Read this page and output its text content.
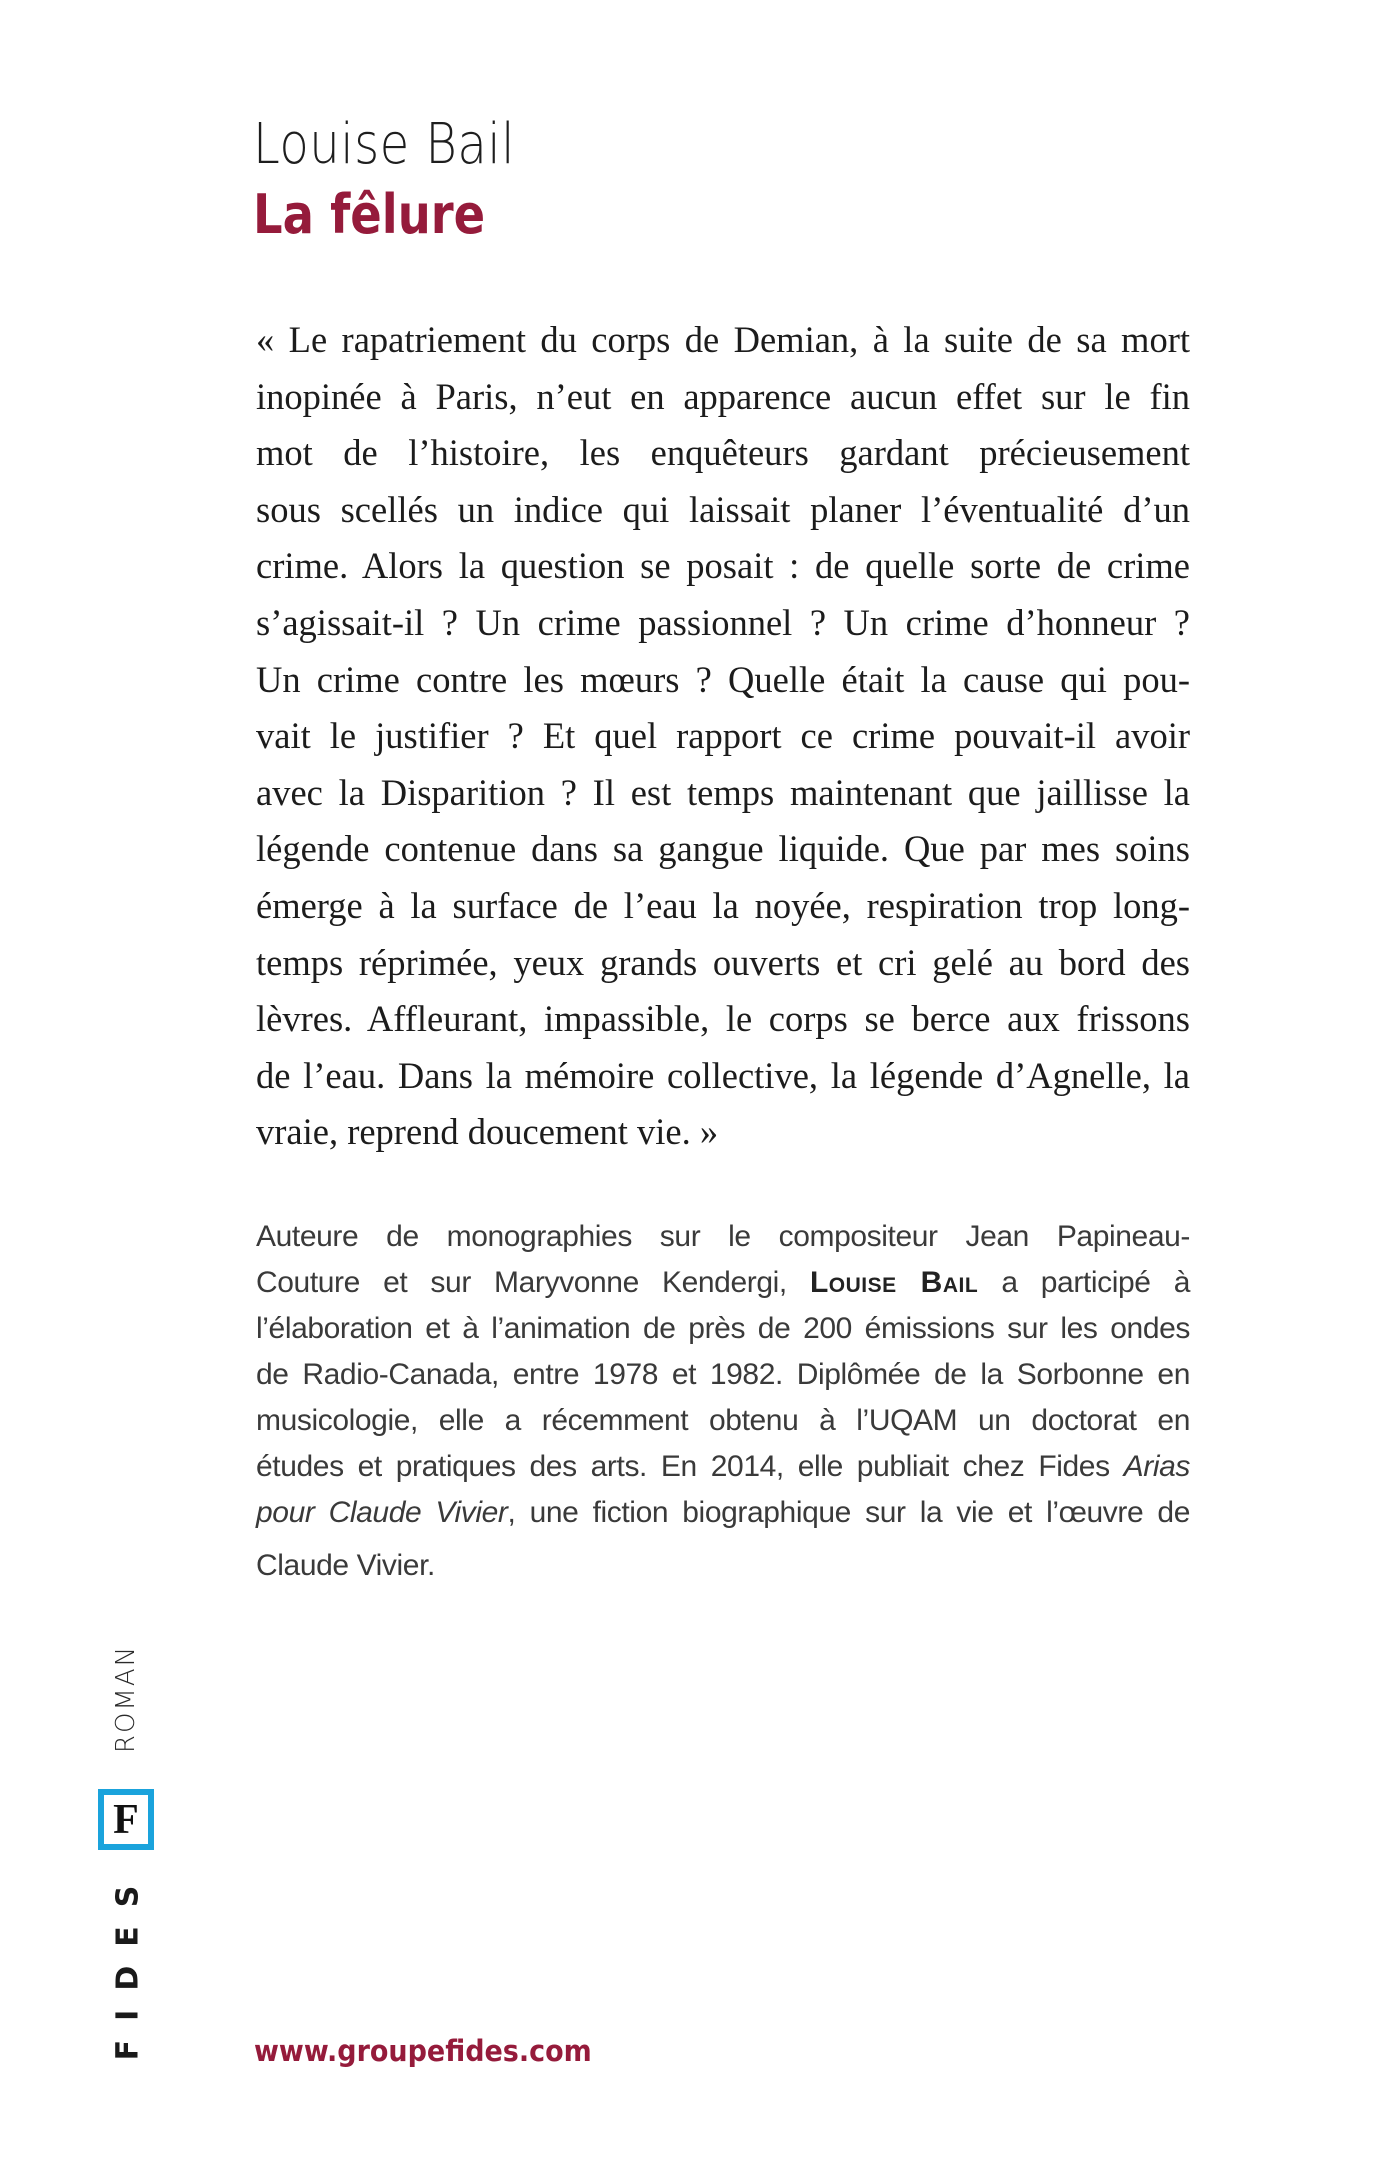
Louise Bail
La fêlure
« Le rapatriement du corps de Demian, à la suite de sa mort
inopinée à Paris, n’eut en apparence aucun effet sur le fin
mot de l’histoire, les enquêteurs gardant précieusement
sous scellés un indice qui laissait planer l’éventualité d’un
crime. Alors la question se posait : de quelle sorte de crime
s’agissait-il ? Un crime passionnel ? Un crime d’honneur ?
Un crime contre les mœurs ? Quelle était la cause qui pou-
vait le justifier ? Et quel rapport ce crime pouvait-il avoir
avec la Disparition ? Il est temps maintenant que jaillisse la
légende contenue dans sa gangue liquide. Que par mes soins
émerge à la surface de l’eau la noyée, respiration trop long-
temps réprimée, yeux grands ouverts et cri gelé au bord des
lèvres. Affleurant, impassible, le corps se berce aux frissons
de l’eau. Dans la mémoire collective, la légende d’Agnelle, la
vraie, reprend doucement vie. »
Auteure de monographies sur le compositeur Jean Papineau-
Couture et sur Maryvonne Kendergi, Louise Bail a participé à
l’élaboration et à l’animation de près de 200 émissions sur les ondes
de Radio-Canada, entre 1978 et 1982. Diplômée de la Sorbonne en
musicologie, elle a récemment obtenu à l’UQAM un doctorat en
études et pratiques des arts. En 2014, elle publiait chez Fides Arias
pour Claude Vivier, une fiction biographique sur la vie et l’œuvre de
Claude Vivier.
ROMAN
F
FIDES	www.groupefides.com
